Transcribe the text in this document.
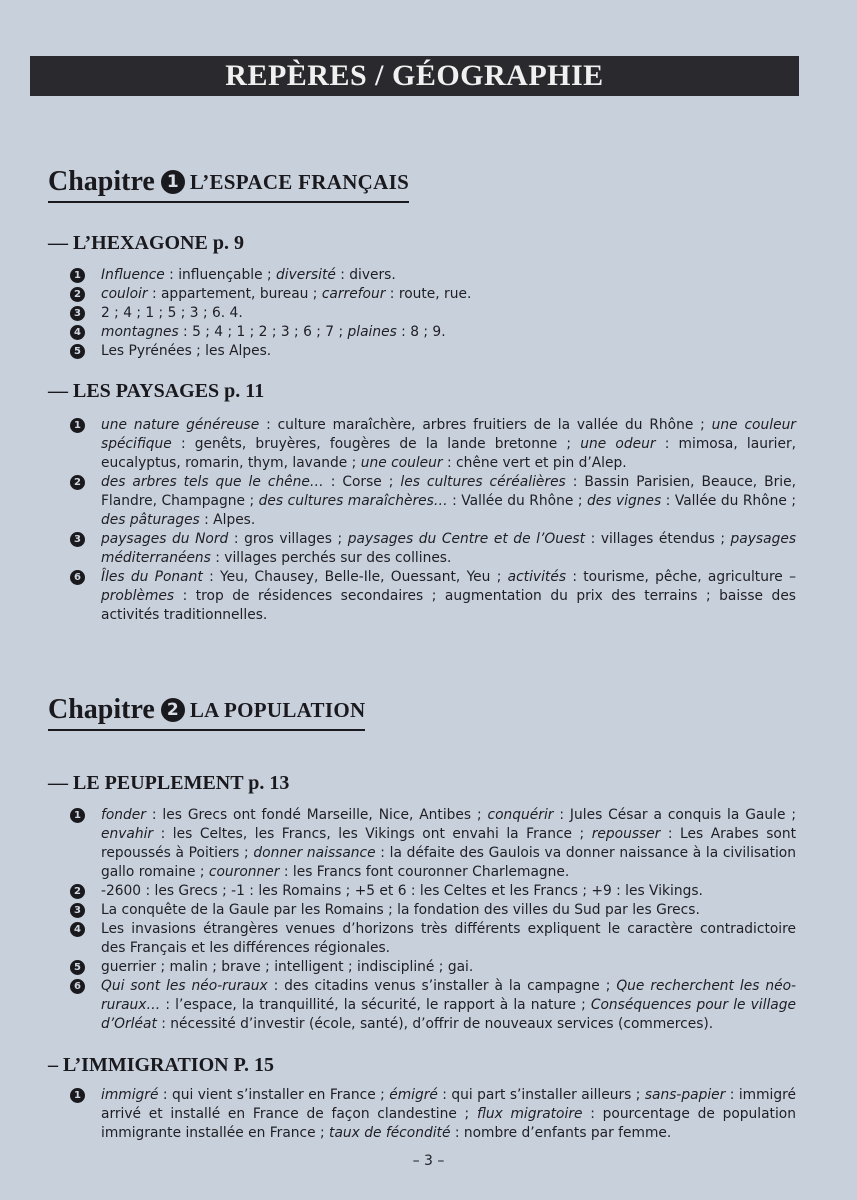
REPÈRES / GÉOGRAPHIE
Chapitre 1 L’ESPACE FRANÇAIS
— L’HEXAGONE p. 9
1 Influence : influençable ; diversité : divers.
2 couloir : appartement, bureau ; carrefour : route, rue.
3 2 ; 4 ; 1 ; 5 ; 3 ; 6. 4.
4 montagnes : 5 ; 4 ; 1 ; 2 ; 3 ; 6 ; 7 ; plaines : 8 ; 9.
5 Les Pyrénées ; les Alpes.
— LES PAYSAGES p. 11
1 une nature généreuse : culture maraîchère, arbres fruitiers de la vallée du Rhône ; une couleur spécifique : genêts, bruyères, fougères de la lande bretonne ; une odeur : mimosa, laurier, eucalyptus, romarin, thym, lavande ; une couleur : chêne vert et pin d’Alep.
2 des arbres tels que le chêne… : Corse ; les cultures céréalières : Bassin Parisien, Beauce, Brie, Flandre, Champagne ; des cultures maraîchères… : Vallée du Rhône ; des vignes : Vallée du Rhône ; des pâturages : Alpes.
3 paysages du Nord : gros villages ; paysages du Centre et de l’Ouest : villages étendus ; paysages méditerranéens : villages perchés sur des collines.
6 Îles du Ponant : Yeu, Chausey, Belle-Ile, Ouessant, Yeu ; activités : tourisme, pêche, agriculture – problèmes : trop de résidences secondaires ; augmentation du prix des terrains ; baisse des activités traditionnelles.
Chapitre 2 LA POPULATION
— LE PEUPLEMENT p. 13
1 fonder : les Grecs ont fondé Marseille, Nice, Antibes ; conquérir : Jules César a conquis la Gaule ; envahir : les Celtes, les Francs, les Vikings ont envahi la France ; repousser : Les Arabes sont repoussés à Poitiers ; donner naissance : la défaite des Gaulois va donner naissance à la civilisation gallo romaine ; couronner : les Francs font couronner Charlemagne.
2 -2600 : les Grecs ; -1 : les Romains ; +5 et 6 : les Celtes et les Francs ; +9 : les Vikings.
3 La conquête de la Gaule par les Romains ; la fondation des villes du Sud par les Grecs.
4 Les invasions étrangères venues d’horizons très différents expliquent le caractère contradictoire des Français et les différences régionales.
5 guerrier ; malin ; brave ; intelligent ; indiscipliné ; gai.
6 Qui sont les néo-ruraux : des citadins venus s’installer à la campagne ; Que recherchent les néo-ruraux… : l’espace, la tranquillité, la sécurité, le rapport à la nature ; Conséquences pour le village d’Orléat : nécessité d’investir (école, santé), d’offrir de nouveaux services (commerces).
– L’IMMIGRATION P. 15
1 immigré : qui vient s’installer en France ; émigré : qui part s’installer ailleurs ; sans-papier : immigré arrivé et installé en France de façon clandestine ; flux migratoire : pourcentage de population immigrante installée en France ; taux de fécondité : nombre d’enfants par femme.
– 3 –
